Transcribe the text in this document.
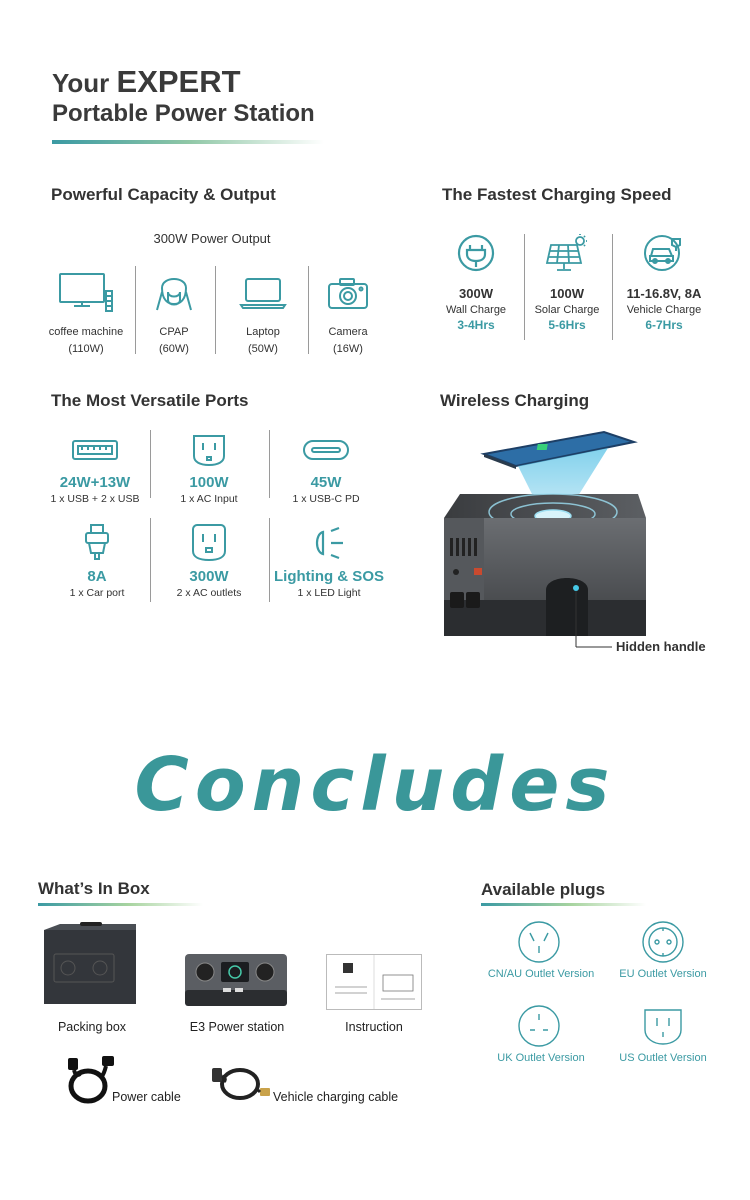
Your EXPERT
Portable Power Station
Powerful Capacity & Output
300W Power Output
coffee machine
(110W)
CPAP
(60W)
Laptop
(50W)
Camera
(16W)
The Fastest Charging Speed
300W
Wall Charge
3-4Hrs
100W
Solar Charge
5-6Hrs
11-16.8V, 8A
Vehicle Charge
6-7Hrs
The Most Versatile Ports
24W+13W
1 x USB + 2 x USB
100W
1 x AC Input
45W
1 x USB-C PD
8A
1 x Car port
300W
2 x AC outlets
Lighting & SOS
1 x LED Light
Wireless Charging
Hidden handle
Concludes
What’s In Box
Packing box	E3 Power station	Instruction
Power cable	Vehicle charging cable
Available plugs
CN/AU Outlet Version	EU Outlet Version
UK Outlet Version	US Outlet Version
